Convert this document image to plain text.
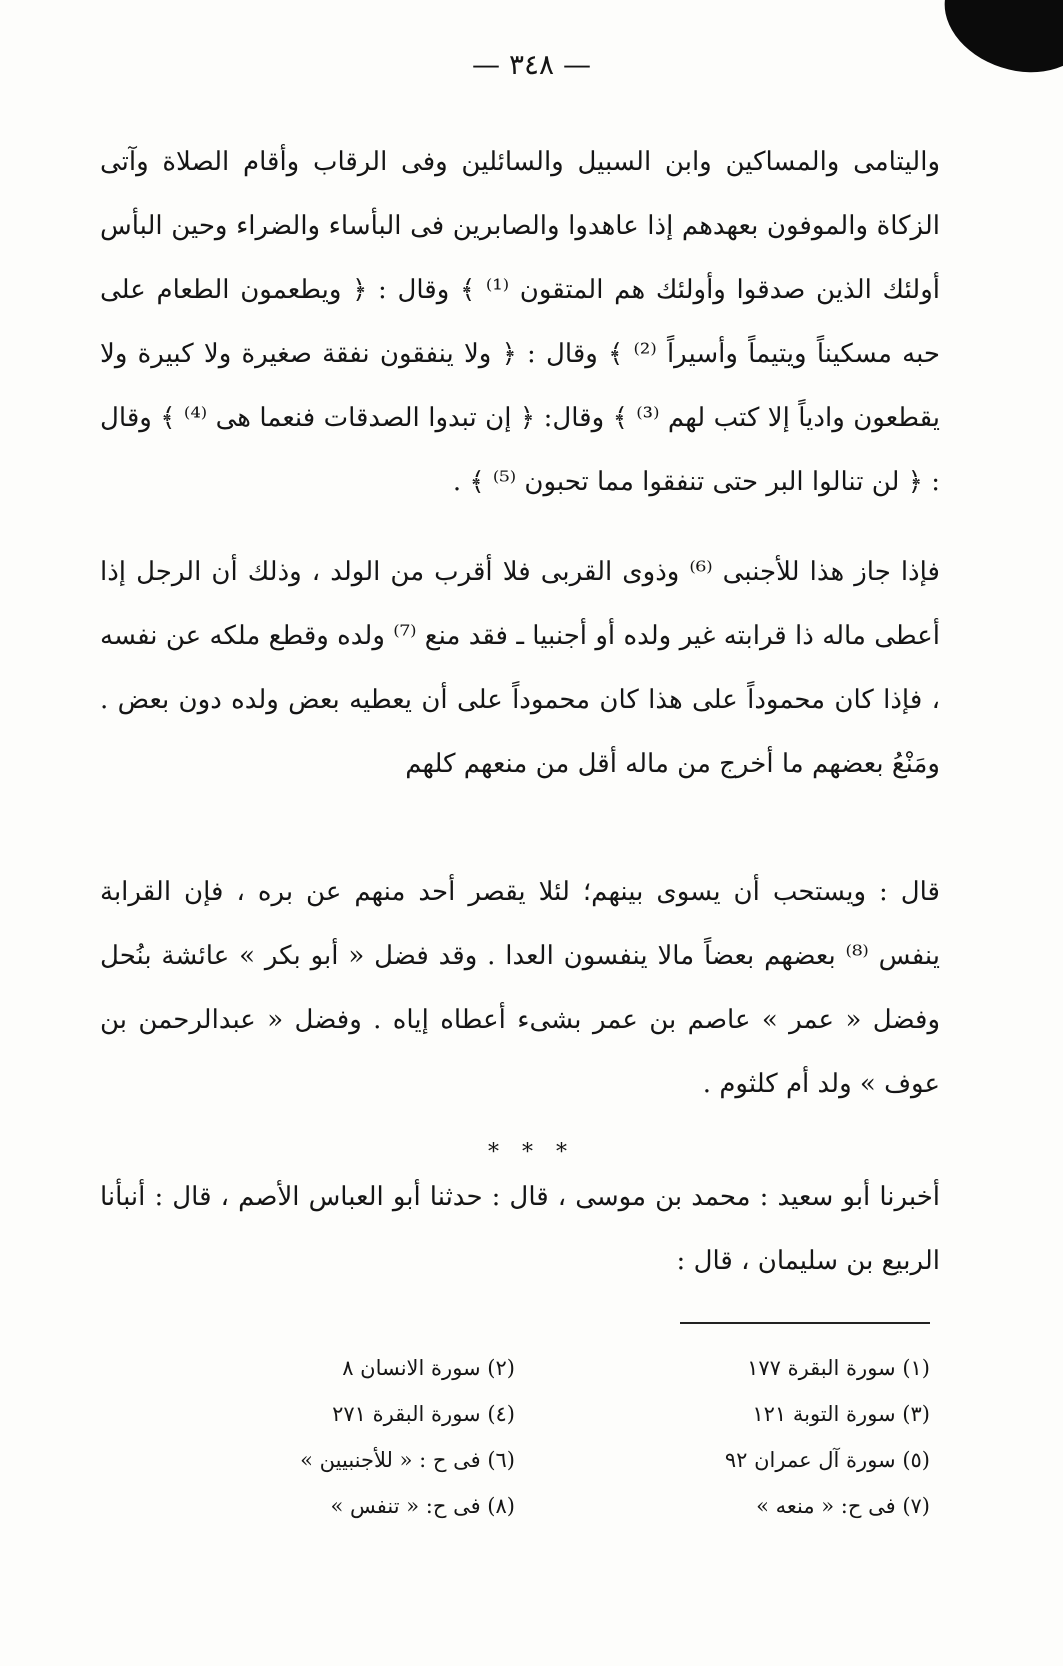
— ٣٤٨ —

والیتامی والمساکین وابن السبیل والسائلین وفی الرقاب وأقام الصلاة وآتی الزکاة والموفون بعهدهم إذا عاهدوا والصابرین فی البأساء والضراء وحین البأس أولئك الذین صدقوا وأولئك هم المتقون ⁽¹⁾ ﴾ وقال : ﴿ ویطعمون الطعام علی حبه مسکیناً ویتیماً وأسیراً ⁽²⁾ ﴾ وقال : ﴿ ولا ینفقون نفقة صغیرة ولا کبیرة ولا یقطعون وادیاً إلا کتب لهم ⁽³⁾ ﴾ وقال: ﴿ إن تبدوا الصدقات فنعما هی ⁽⁴⁾ ﴾ وقال : ﴿ لن تنالوا البر حتی تنفقوا مما تحبون ⁽⁵⁾ ﴾ .

فإذا جاز هذا للأجنبی ⁽⁶⁾ وذوی القربی فلا أقرب من الولد ، وذلك أن الرجل إذا أعطی ماله ذا قرابته غیر ولده أو أجنبیا ـ فقد منع ⁽⁷⁾ ولده وقطع ملکه عن نفسه ، فإذا کان محموداً علی هذا کان محموداً علی أن یعطیه بعض ولده دون بعض . ومَنْعُ بعضهم ما أخرج من ماله أقل من منعهم کلهم

قال : ویستحب أن یسوی بینهم؛ لئلا یقصر أحد منهم عن بره ، فإن القرابة ینفس ⁽⁸⁾ بعضهم بعضاً مالا ینفسون العدا . وقد فضل « أبو بکر » عائشة بنُحل وفضل « عمر » عاصم بن عمر بشیء أعطاه إیاه . وفضل « عبدالرحمن بن عوف » ولد أم کلثوم .

* * *

أخبرنا أبو سعید : محمد بن موسی ، قال : حدثنا أبو العباس الأصم ، قال : أنبأنا الربیع بن سلیمان ، قال :

(١) سورة البقرة ١٧٧
(٢) سورة الانسان ٨
(٣) سورة التوبة ١٢١
(٤) سورة البقرة ٢٧١
(٥) سورة آل عمران ٩٢
(٦) فی ح : « للأجنبیین »
(٧) فی ح: « منعه »
(٨) فی ح: « تنفس »
